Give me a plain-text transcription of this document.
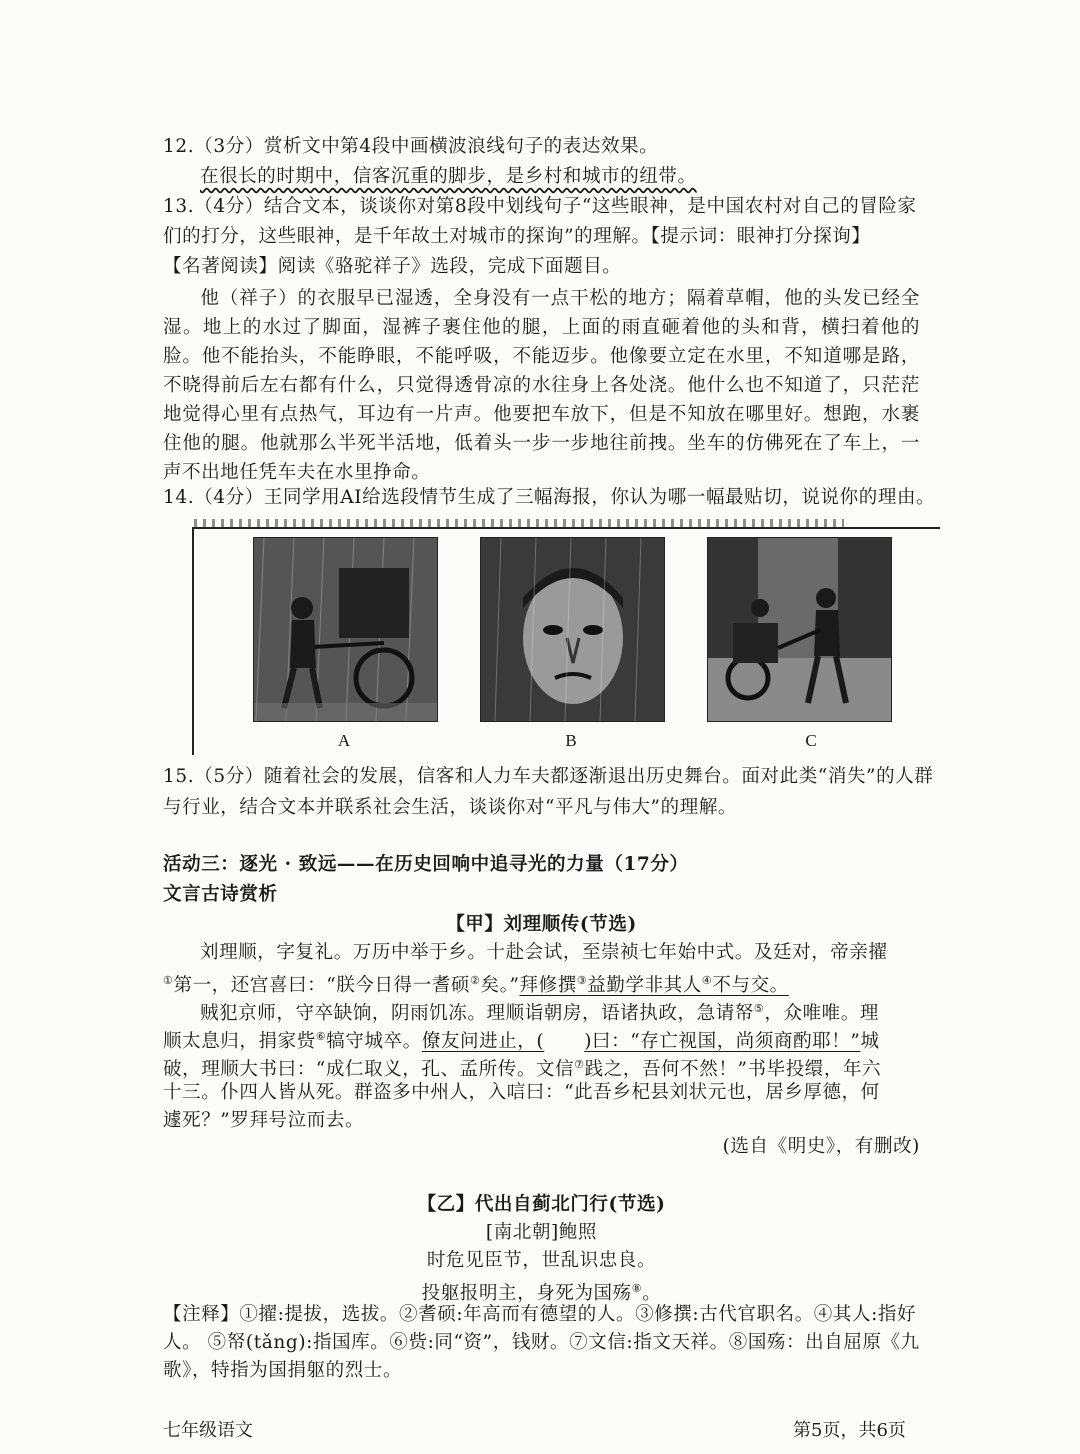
12.（3分）赏析文中第4段中画横波浪线句子的表达效果。
在很长的时期中，信客沉重的脚步，是乡村和城市的纽带。
13.（4分）结合文本，谈谈你对第8段中划线句子“这些眼神，是中国农村对自己的冒险家
们的打分，这些眼神，是千年故土对城市的探询”的理解。【提示词：眼神打分探询】
【名著阅读】阅读《骆驼祥子》选段，完成下面题目。
他（祥子）的衣服早已湿透，全身没有一点干松的地方；隔着草帽，他的头发已经全湿。地上的水过了脚面，湿裤子裹住他的腿，上面的雨直砸着他的头和背，横扫着他的脸。他不能抬头，不能睁眼，不能呼吸，不能迈步。他像要立定在水里，不知道哪是路，不晓得前后左右都有什么，只觉得透骨凉的水往身上各处浇。他什么也不知道了，只茫茫地觉得心里有点热气，耳边有一片声。他要把车放下，但是不知放在哪里好。想跑，水裹住他的腿。他就那么半死半活地，低着头一步一步地往前拽。坐车的仿佛死在了车上，一声不出地任凭车夫在水里挣命。
14.（4分）王同学用AI给选段情节生成了三幅海报，你认为哪一幅最贴切，说说你的理由。
A	B	C
15.（5分）随着社会的发展，信客和人力车夫都逐渐退出历史舞台。面对此类“消失”的人群
与行业，结合文本并联系社会生活，谈谈你对“平凡与伟大”的理解。
活动三：逐光 · 致远——在历史回响中追寻光的力量（17分）
文言古诗赏析
【甲】刘理顺传(节选)
刘理顺，字复礼。万历中举于乡。十赴会试，至崇祯七年始中式。及廷对，帝亲擢
①第一，还宫喜曰：“朕今日得一耆硕②矣。”拜修撰③益勤学非其人④不与交。
贼犯京师，守卒缺饷，阴雨饥冻。理顺诣朝房，语诸执政，急请帑⑤，众唯唯。理
顺太息归，捐家赀⑥犒守城卒。僚友问进止，( )曰：“存亡视国，尚须商酌耶！”城
破，理顺大书曰：“成仁取义，孔、孟所传。文信⑦践之，吾何不然！”书毕投缳，年六
十三。仆四人皆从死。群盗多中州人，入唁曰：“此吾乡杞县刘状元也，居乡厚德，何
遽死？”罗拜号泣而去。
(选自《明史》，有删改)
【乙】代出自蓟北门行(节选)
[南北朝]鲍照
时危见臣节，世乱识忠良。
投躯报明主，身死为国殇⑧。
【注释】①擢:提拔，选拔。②耆硕:年高而有德望的人。③修撰:古代官职名。④其人:指好
人。 ⑤帑(tǎng):指国库。⑥赀:同“资”，钱财。⑦文信:指文天祥。⑧国殇：出自屈原《九
歌》，特指为国捐躯的烈士。
七年级语文	第5页，共6页
